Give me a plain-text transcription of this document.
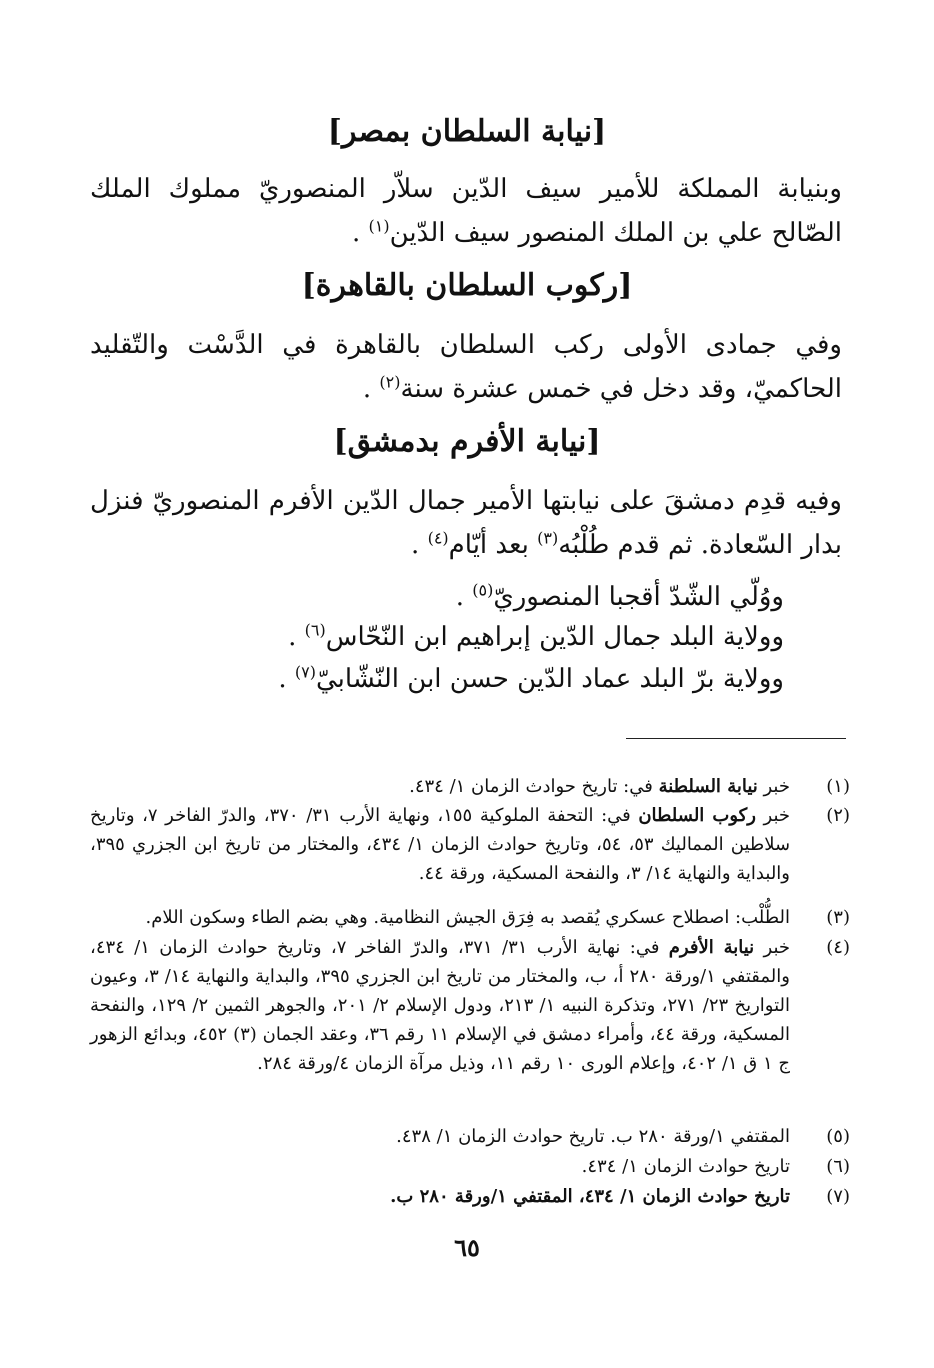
[نيابة السلطان بمصر]
وبنيابة المملكة للأمير سيف الدّين سلاّر المنصوريّ مملوك الملك
الصّالح علي بن الملك المنصور سيف الدّين$^{(١)}$ .
[ركوب السلطان بالقاهرة]
وفي جمادى الأولى ركب السلطان بالقاهرة في الدَّسْت والتّقليد
الحاكميّ، وقد دخل في خمس عشرة سنة$^{(٢)}$ .
[نيابة الأفرم بدمشق]
وفيه قدِم دمشقَ على نيابتها الأمير جمال الدّين الأفرم المنصوريّ فنزل
بدار السّعادة. ثم قدم طُلْبُه$^{(٣)}$ بعد أيّام$^{(٤)}$ .
ووُلّي الشّدّ أقجبا المنصوريّ$^{(٥)}$ .
وولاية البلد جمال الدّين إبراهيم ابن النّحّاس$^{(٦)}$ .
وولاية برّ البلد عماد الدّين حسن ابن النّشّابيّ$^{(٧)}$ .
(١)
خبر نيابة السلطنة في: تاريخ حوادث الزمان ١/ ٤٣٤.
(٢)
خبر ركوب السلطان في: التحفة الملوكية ١٥٥، ونهاية الأرب ٣١/ ٣٧٠، والدرّ الفاخر ٧، وتاريخ سلاطين المماليك ٥٣، ٥٤، وتاريخ حوادث الزمان ١/ ٤٣٤، والمختار من تاريخ ابن الجزري ٣٩٥، والبداية والنهاية ١٤/ ٣، والنفحة المسكية، ورقة ٤٤.
(٣)
الطُّلْب: اصطلاح عسكري يُقصد به فِرَق الجيش النظامية. وهي بضم الطاء وسكون اللام.
(٤)
خبر نيابة الأفرم في: نهاية الأرب ٣١/ ٣٧١، والدرّ الفاخر ٧، وتاريخ حوادث الزمان ١/ ٤٣٤، والمقتفي ١/ورقة ٢٨٠ أ، ب، والمختار من تاريخ ابن الجزري ٣٩٥، والبداية والنهاية ١٤/ ٣، وعيون التواريخ ٢٣/ ٢٧١، وتذكرة النبيه ١/ ٢١٣، ودول الإسلام ٢/ ٢٠١، والجوهر الثمين ٢/ ١٢٩، والنفحة المسكية، ورقة ٤٤، وأمراء دمشق في الإسلام ١١ رقم ٣٦، وعقد الجمان (٣) ٤٥٢، وبدائع الزهور ج ١ ق ١/ ٤٠٢، وإعلام الورى ١٠ رقم ١١، وذيل مرآة الزمان ٤/ورقة ٢٨٤.
(٥)
المقتفي ١/ورقة ٢٨٠ ب. تاريخ حوادث الزمان ١/ ٤٣٨.
(٦)
تاريخ حوادث الزمان ١/ ٤٣٤.
(٧)
تاريخ حوادث الزمان ١/ ٤٣٤، المقتفي ١/ورقة ٢٨٠ ب.
٦٥
